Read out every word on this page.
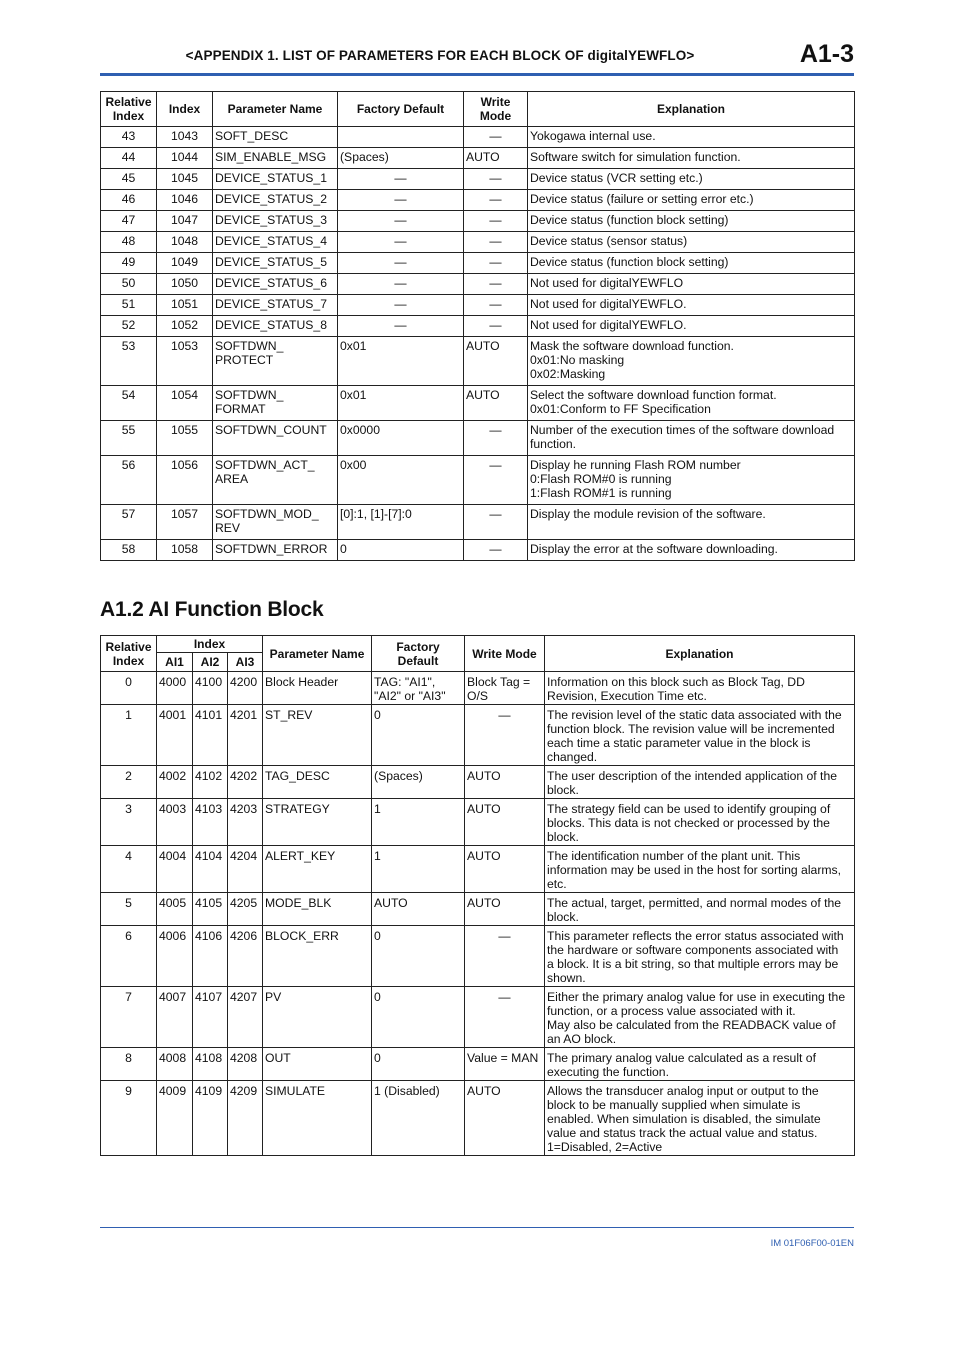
<APPENDIX 1. LIST OF PARAMETERS FOR EACH BLOCK OF digitalYEWFLO>	A1-3
Relative
Index	Index	Parameter Name	Factory Default	Write
Mode	Explanation
43	1043	SOFT_DESC		—	Yokogawa internal use.
44	1044	SIM_ENABLE_MSG	(Spaces)	AUTO	Software switch for simulation function.
45	1045	DEVICE_STATUS_1	—	—	Device status (VCR setting etc.)
46	1046	DEVICE_STATUS_2	—	—	Device status (failure or setting error etc.)
47	1047	DEVICE_STATUS_3	—	—	Device status (function block setting)
48	1048	DEVICE_STATUS_4	—	—	Device status (sensor status)
49	1049	DEVICE_STATUS_5	—	—	Device status (function block setting)
50	1050	DEVICE_STATUS_6	—	—	Not used for digitalYEWFLO
51	1051	DEVICE_STATUS_7	—	—	Not used for digitalYEWFLO.
52	1052	DEVICE_STATUS_8	—	—	Not used for digitalYEWFLO.
53	1053	SOFTDWN_
PROTECT	0x01	AUTO	Mask the software download function.
0x01:No masking
0x02:Masking
54	1054	SOFTDWN_
FORMAT	0x01	AUTO	Select the software download function format.
0x01:Conform to FF Specification
55	1055	SOFTDWN_COUNT	0x0000	—	Number of the execution times of the software download
function.
56	1056	SOFTDWN_ACT_
AREA	0x00	—	Display he running Flash ROM number
0:Flash ROM#0 is running
1:Flash ROM#1 is running
57	1057	SOFTDWN_MOD_
REV	[0]:1, [1]-[7]:0	—	Display the module revision of the software.
58	1058	SOFTDWN_ERROR	0	—	Display the error at the software downloading.
A1.2 AI Function Block
Relative
Index	Index			Parameter Name	Factory
Default	Write Mode	Explanation
	AI1	AI2	AI3				
0	4000	4100	4200	Block Header	TAG: "AI1",
"AI2" or "AI3"	Block Tag =
O/S	Information on this block such as Block Tag, DD
Revision, Execution Time etc.
1	4001	4101	4201	ST_REV	0	—	The revision level of the static data associated with the
function block. The revision value will be incremented
each time a static parameter value in the block is
changed.
2	4002	4102	4202	TAG_DESC	(Spaces)	AUTO	The user description of the intended application of the
block.
3	4003	4103	4203	STRATEGY	1	AUTO	The strategy field can be used to identify grouping of
blocks. This data is not checked or processed by the
block.
4	4004	4104	4204	ALERT_KEY	1	AUTO	The identification number of the plant unit. This
information may be used in the host for sorting alarms,
etc.
5	4005	4105	4205	MODE_BLK	AUTO	AUTO	The actual, target, permitted, and normal modes of the
block.
6	4006	4106	4206	BLOCK_ERR	0	—	This parameter reflects the error status associated with
the hardware or software components associated with
a block. It is a bit string, so that multiple errors may be
shown.
7	4007	4107	4207	PV	0	—	Either the primary analog value for use in executing the
function, or a process value associated with it.
May also be calculated from the READBACK value of
an AO block.
8	4008	4108	4208	OUT	0	Value = MAN	The primary analog value calculated as a result of
executing the function.
9	4009	4109	4209	SIMULATE	1 (Disabled)	AUTO	Allows the transducer analog input or output to the
block to be manually supplied when simulate is
enabled. When simulation is disabled, the simulate
value and status track the actual value and status.
1=Disabled, 2=Active
IM 01F06F00-01EN
